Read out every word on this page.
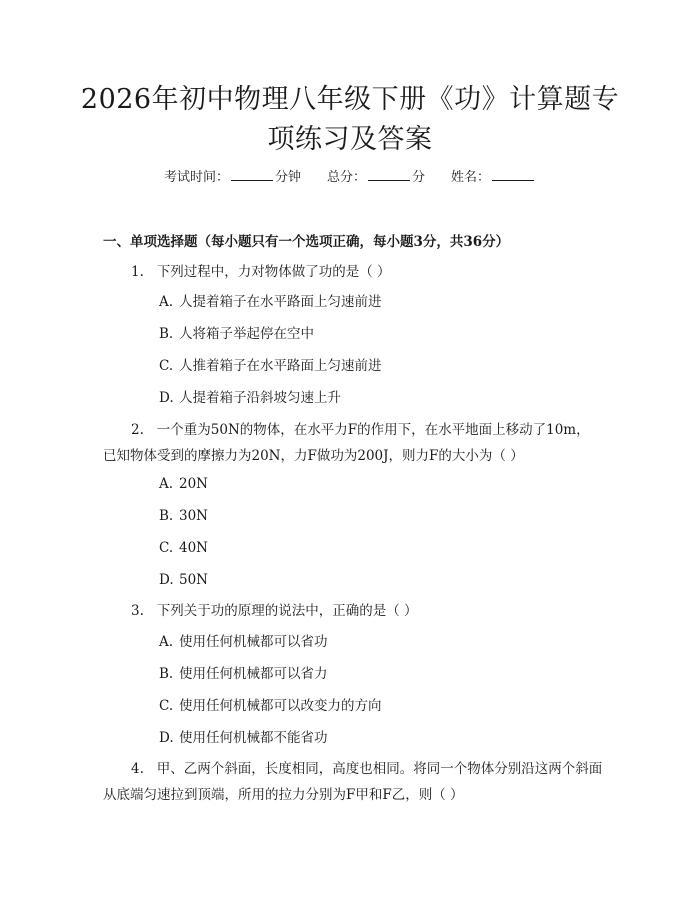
2026年初中物理八年级下册《功》计算题专
项练习及答案
考试时间：	分钟 总分：	分 姓名：
一、单项选择题（每小题只有一个选项正确，每小题3分，共36分）
1. 下列过程中，力对物体做了功的是（ ）
A. 人提着箱子在水平路面上匀速前进
B. 人将箱子举起停在空中
C. 人推着箱子在水平路面上匀速前进
D. 人提着箱子沿斜坡匀速上升
2. 一个重为50N的物体，在水平力F的作用下，在水平地面上移动了10m，已知物体受到的摩擦力为20N，力F做功为200J，则力F的大小为（ ）
A. 20N
B. 30N
C. 40N
D. 50N
3. 下列关于功的原理的说法中，正确的是（ ）
A. 使用任何机械都可以省功
B. 使用任何机械都可以省力
C. 使用任何机械都可以改变力的方向
D. 使用任何机械都不能省功
4. 甲、乙两个斜面，长度相同，高度也相同。将同一个物体分别沿这两个斜面从底端匀速拉到顶端，所用的拉力分别为F甲和F乙，则（ ）
